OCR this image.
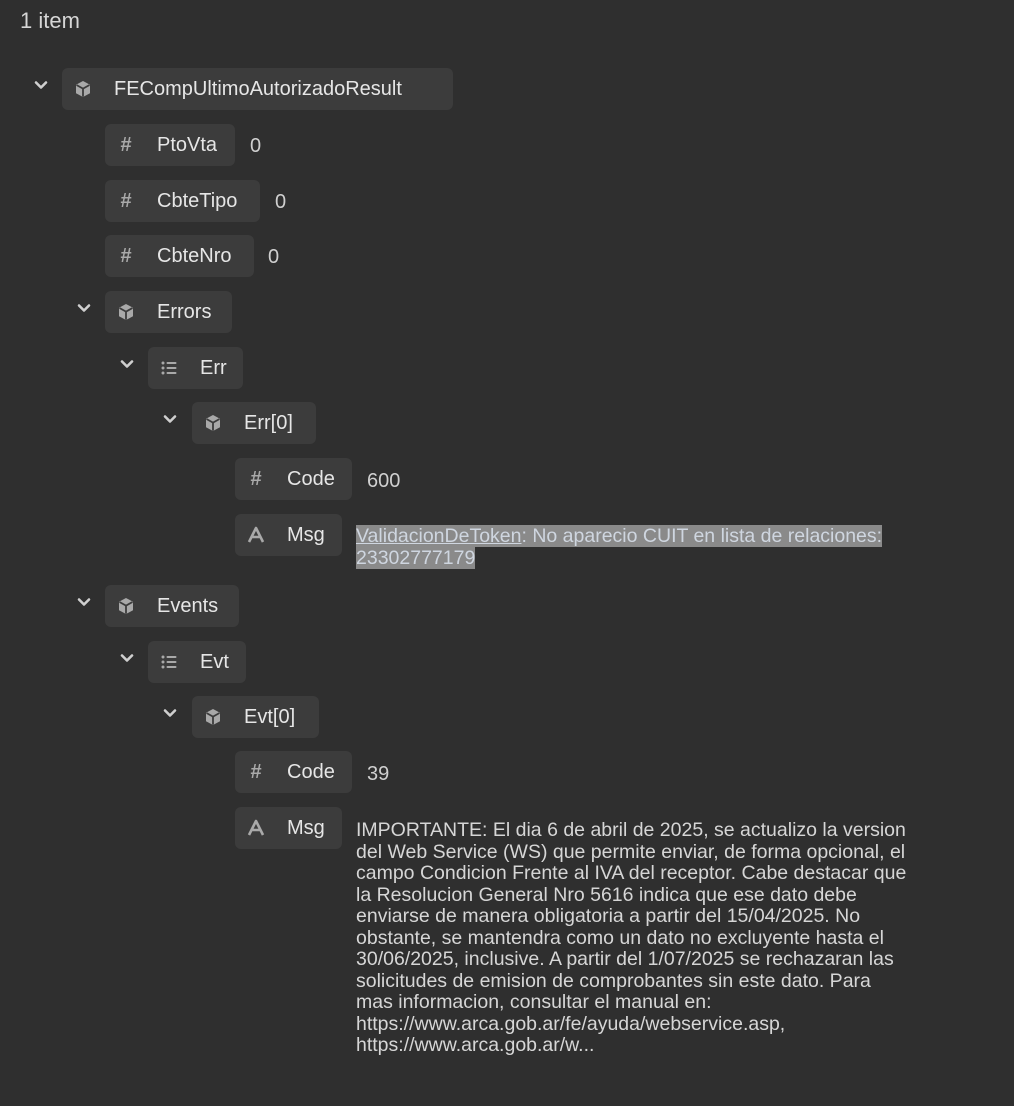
1 item
FECompUltimoAutorizadoResult
# PtoVta 0
# CbteTipo 0
# CbteNro 0
Errors
Err
Err[0]
# Code 600
Msg ValidacionDeToken: No aparecio CUIT en lista de relaciones:
23302777179
Events
Evt
Evt[0]
# Code 39
Msg IMPORTANTE: El dia 6 de abril de 2025, se actualizo la version
del Web Service (WS) que permite enviar, de forma opcional, el
campo Condicion Frente al IVA del receptor. Cabe destacar que
la Resolucion General Nro 5616 indica que ese dato debe
enviarse de manera obligatoria a partir del 15/04/2025. No
obstante, se mantendra como un dato no excluyente hasta el
30/06/2025, inclusive. A partir del 1/07/2025 se rechazaran las
solicitudes de emision de comprobantes sin este dato. Para
mas informacion, consultar el manual en:
https://www.arca.gob.ar/fe/ayuda/webservice.asp,
https://www.arca.gob.ar/w...
